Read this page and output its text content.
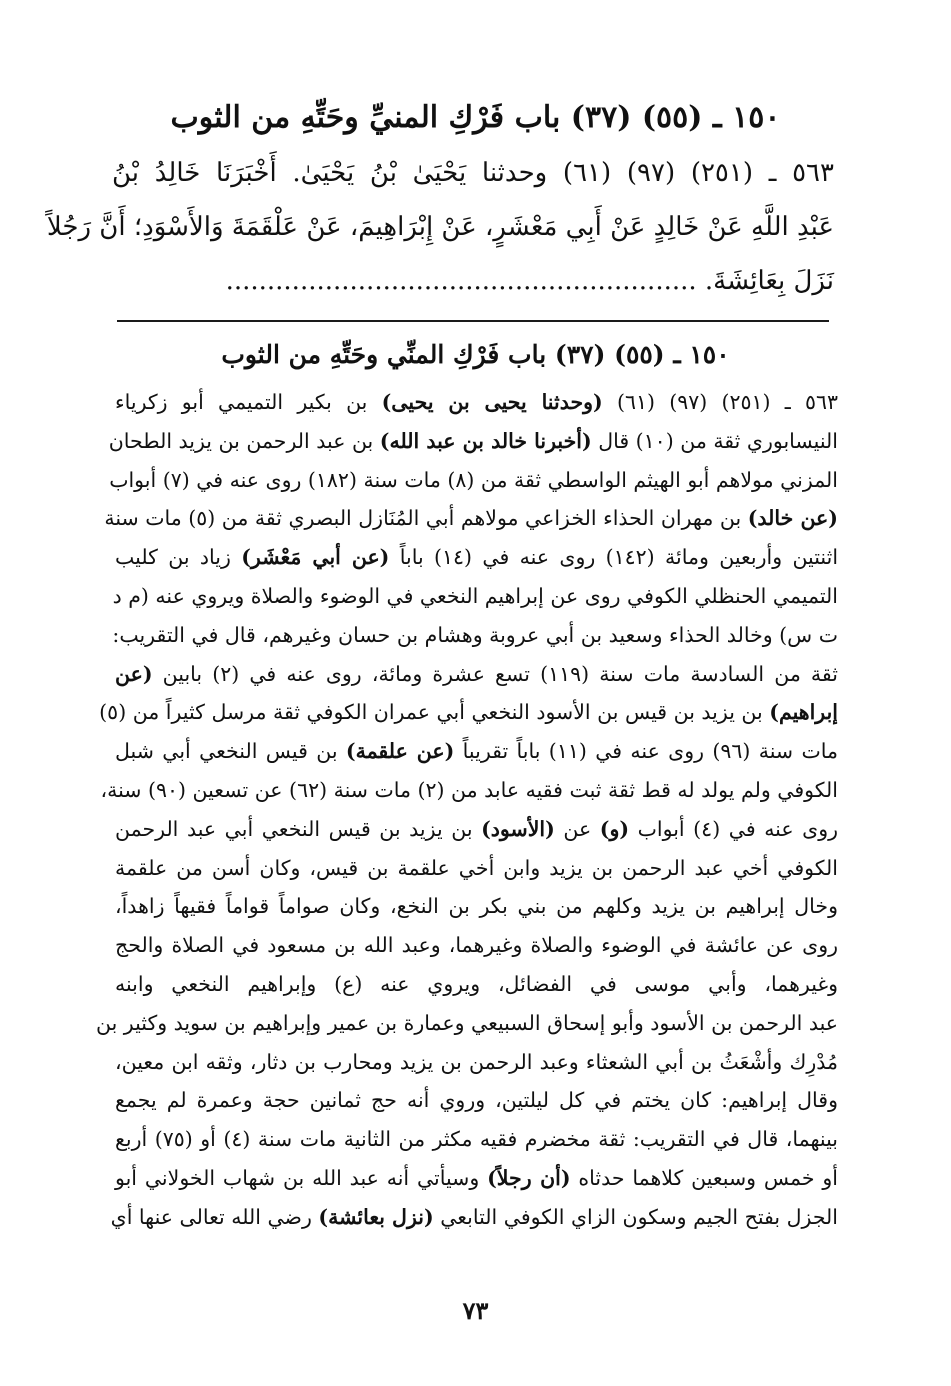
١٥٠ ـ (٥٥) (٣٧) باب فَرْكِ المنيِّ وحَتِّهِ من الثوب
٥٦٣ ـ (٢٥١) (٩٧) (٦١) وحدثنا يَحْيَىٰ بْنُ يَحْيَىٰ. أَخْبَرَنَا خَالِدُ بْنُ
عَبْدِ اللَّهِ عَنْ خَالِدٍ عَنْ أَبِي مَعْشَرٍ، عَنْ إِبْرَاهِيمَ، عَنْ عَلْقَمَةَ وَالأَسْوَدِ؛ أَنَّ رَجُلاً
نَزَلَ بِعَائِشَةَ. .........................................................
١٥٠ ـ (٥٥) (٣٧) باب فَرْكِ المنِّي وحَتِّهِ من الثوب
٥٦٣ ـ (٢٥١) (٩٧) (٦١) (وحدثنا يحيى بن يحيى) بن بكير التميمي أبو زكرياء
النيسابوري ثقة من (١٠) قال (أخبرنا خالد بن عبد الله) بن عبد الرحمن بن يزيد الطحان
المزني مولاهم أبو الهيثم الواسطي ثقة من (٨) مات سنة (١٨٢) روى عنه في (٧) أبواب
(عن خالد) بن مهران الحذاء الخزاعي مولاهم أبي المُنَازل البصري ثقة من (٥) مات سنة
اثنتين وأربعين ومائة (١٤٢) روى عنه في (١٤) باباً (عن أبي مَعْشَر) زياد بن كليب
التميمي الحنظلي الكوفي روى عن إبراهيم النخعي في الوضوء والصلاة ويروي عنه (م د
ت س) وخالد الحذاء وسعيد بن أبي عروبة وهشام بن حسان وغيرهم، قال في التقريب:
ثقة من السادسة مات سنة (١١٩) تسع عشرة ومائة، روى عنه في (٢) بابين (عن
إبراهيم) بن يزيد بن قيس بن الأسود النخعي أبي عمران الكوفي ثقة مرسل كثيراً من (٥)
مات سنة (٩٦) روى عنه في (١١) باباً تقريباً (عن علقمة) بن قيس النخعي أبي شبل
الكوفي ولم يولد له قط ثقة ثبت فقيه عابد من (٢) مات سنة (٦٢) عن تسعين (٩٠) سنة،
روى عنه في (٤) أبواب (و) عن (الأسود) بن يزيد بن قيس النخعي أبي عبد الرحمن
الكوفي أخي عبد الرحمن بن يزيد وابن أخي علقمة بن قيس، وكان أسن من علقمة
وخال إبراهيم بن يزيد وكلهم من بني بكر بن النخع، وكان صواماً قواماً فقيهاً زاهداً،
روى عن عائشة في الوضوء والصلاة وغيرهما، وعبد الله بن مسعود في الصلاة والحج
وغيرهما، وأبي موسى في الفضائل، ويروي عنه (ع) وإبراهيم النخعي وابنه
عبد الرحمن بن الأسود وأبو إسحاق السبيعي وعمارة بن عمير وإبراهيم بن سويد وكثير بن
مُدْرِك وأشْعَثُ بن أبي الشعثاء وعبد الرحمن بن يزيد ومحارب بن دثار، وثقه ابن معين،
وقال إبراهيم: كان يختم في كل ليلتين، وروي أنه حج ثمانين حجة وعمرة لم يجمع
بينهما، قال في التقريب: ثقة مخضرم فقيه مكثر من الثانية مات سنة (٤) أو (٧٥) أربع
أو خمس وسبعين كلاهما حدثاه (أن رجلاً) وسيأتي أنه عبد الله بن شهاب الخولاني أبو
الجزل بفتح الجيم وسكون الزاي الكوفي التابعي (نزل بعائشة) رضي الله تعالى عنها أي
٧٣
